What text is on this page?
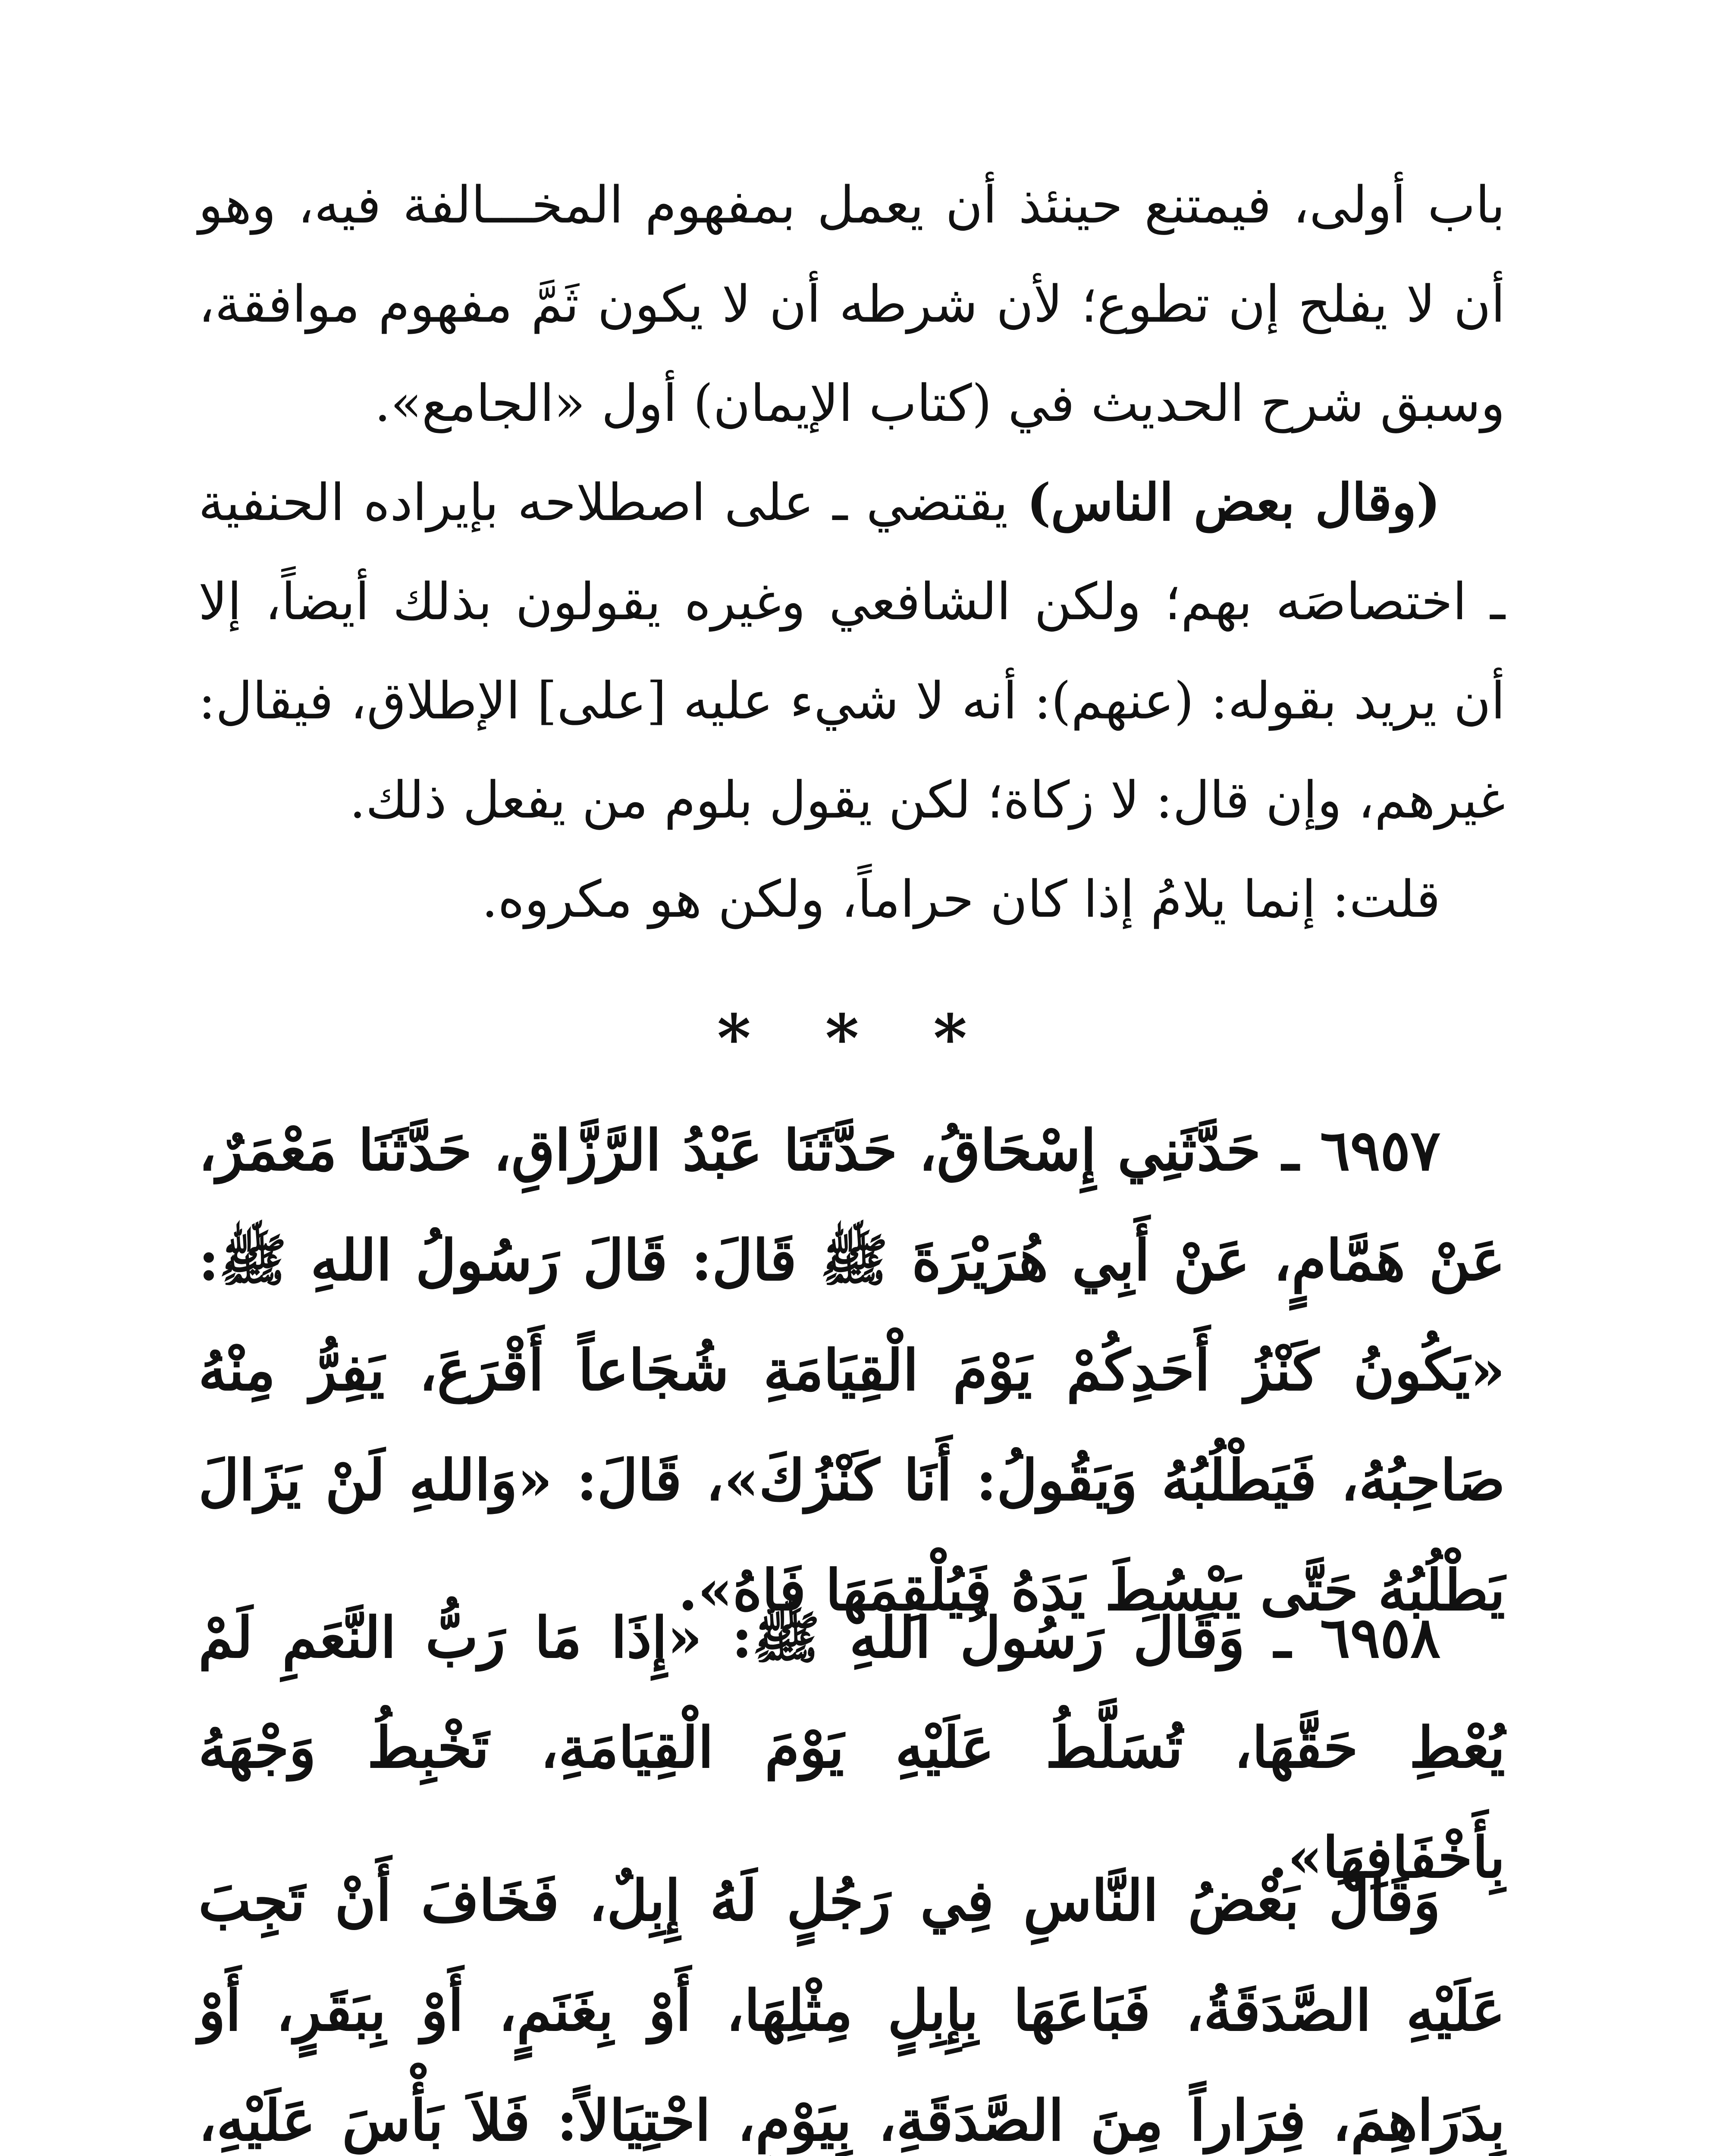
باب أولى، فيمتنع حينئذ أن يعمل بمفهوم المخـــالفة فيه، وهو أن لا يفلح إن تطوع؛ لأن شرطه أن لا يكون ثَمَّ مفهوم موافقة، وسبق شرح الحديث في (كتاب الإيمان) أول «الجامع».

(وقال بعض الناس) يقتضي ـ على اصطلاحه بإيراده الحنفية ـ اختصاصَه بهم؛ ولكن الشافعي وغيره يقولون بذلك أيضاً، إلا أن يريد بقوله: (عنهم): أنه لا شيء عليه [على] الإطلاق، فيقال: غيرهم، وإن قال: لا زكاة؛ لكن يقول بلوم من يفعل ذلك.

قلت: إنما يلامُ إذا كان حراماً، ولكن هو مكروه.

* * *

٦٩٥٧ ـ حَدَّثَنِي إِسْحَاقُ، حَدَّثَنَا عَبْدُ الرَّزَّاقِ، حَدَّثَنَا مَعْمَرٌ، عَنْ هَمَّامٍ، عَنْ أَبِي هُرَيْرَةَ ﷺ قَالَ: قَالَ رَسُولُ اللهِ ﷺ: «يَكُونُ كَنْزُ أَحَدِكُمْ يَوْمَ الْقِيَامَةِ شُجَاعاً أَقْرَعَ، يَفِرُّ مِنْهُ صَاحِبُهُ، فَيَطْلُبُهُ وَيَقُولُ: أَنَا كَنْزُكَ»، قَالَ: «وَاللهِ لَنْ يَزَالَ يَطْلُبُهُ حَتَّى يَبْسُطَ يَدَهُ فَيُلْقِمَهَا فَاهُ».

٦٩٥٨ ـ وَقَالَ رَسُولُ اللهِ ﷺ: «إِذَا مَا رَبُّ النَّعَمِ لَمْ يُعْطِ حَقَّهَا، تُسَلَّطُ عَلَيْهِ يَوْمَ الْقِيَامَةِ، تَخْبِطُ وَجْهَهُ بِأَخْفَافِهَا».

وَقَالَ بَعْضُ النَّاسِ فِي رَجُلٍ لَهُ إِبِلٌ، فَخَافَ أَنْ تَجِبَ عَلَيْهِ الصَّدَقَةُ، فَبَاعَهَا بِإِبِلٍ مِثْلِهَا، أَوْ بِغَنَمٍ، أَوْ بِبَقَرٍ، أَوْ بِدَرَاهِمَ، فِرَاراً مِنَ الصَّدَقَةِ، بِيَوْمٍ، احْتِيَالاً: فَلاَ بَأْسَ عَلَيْهِ،
